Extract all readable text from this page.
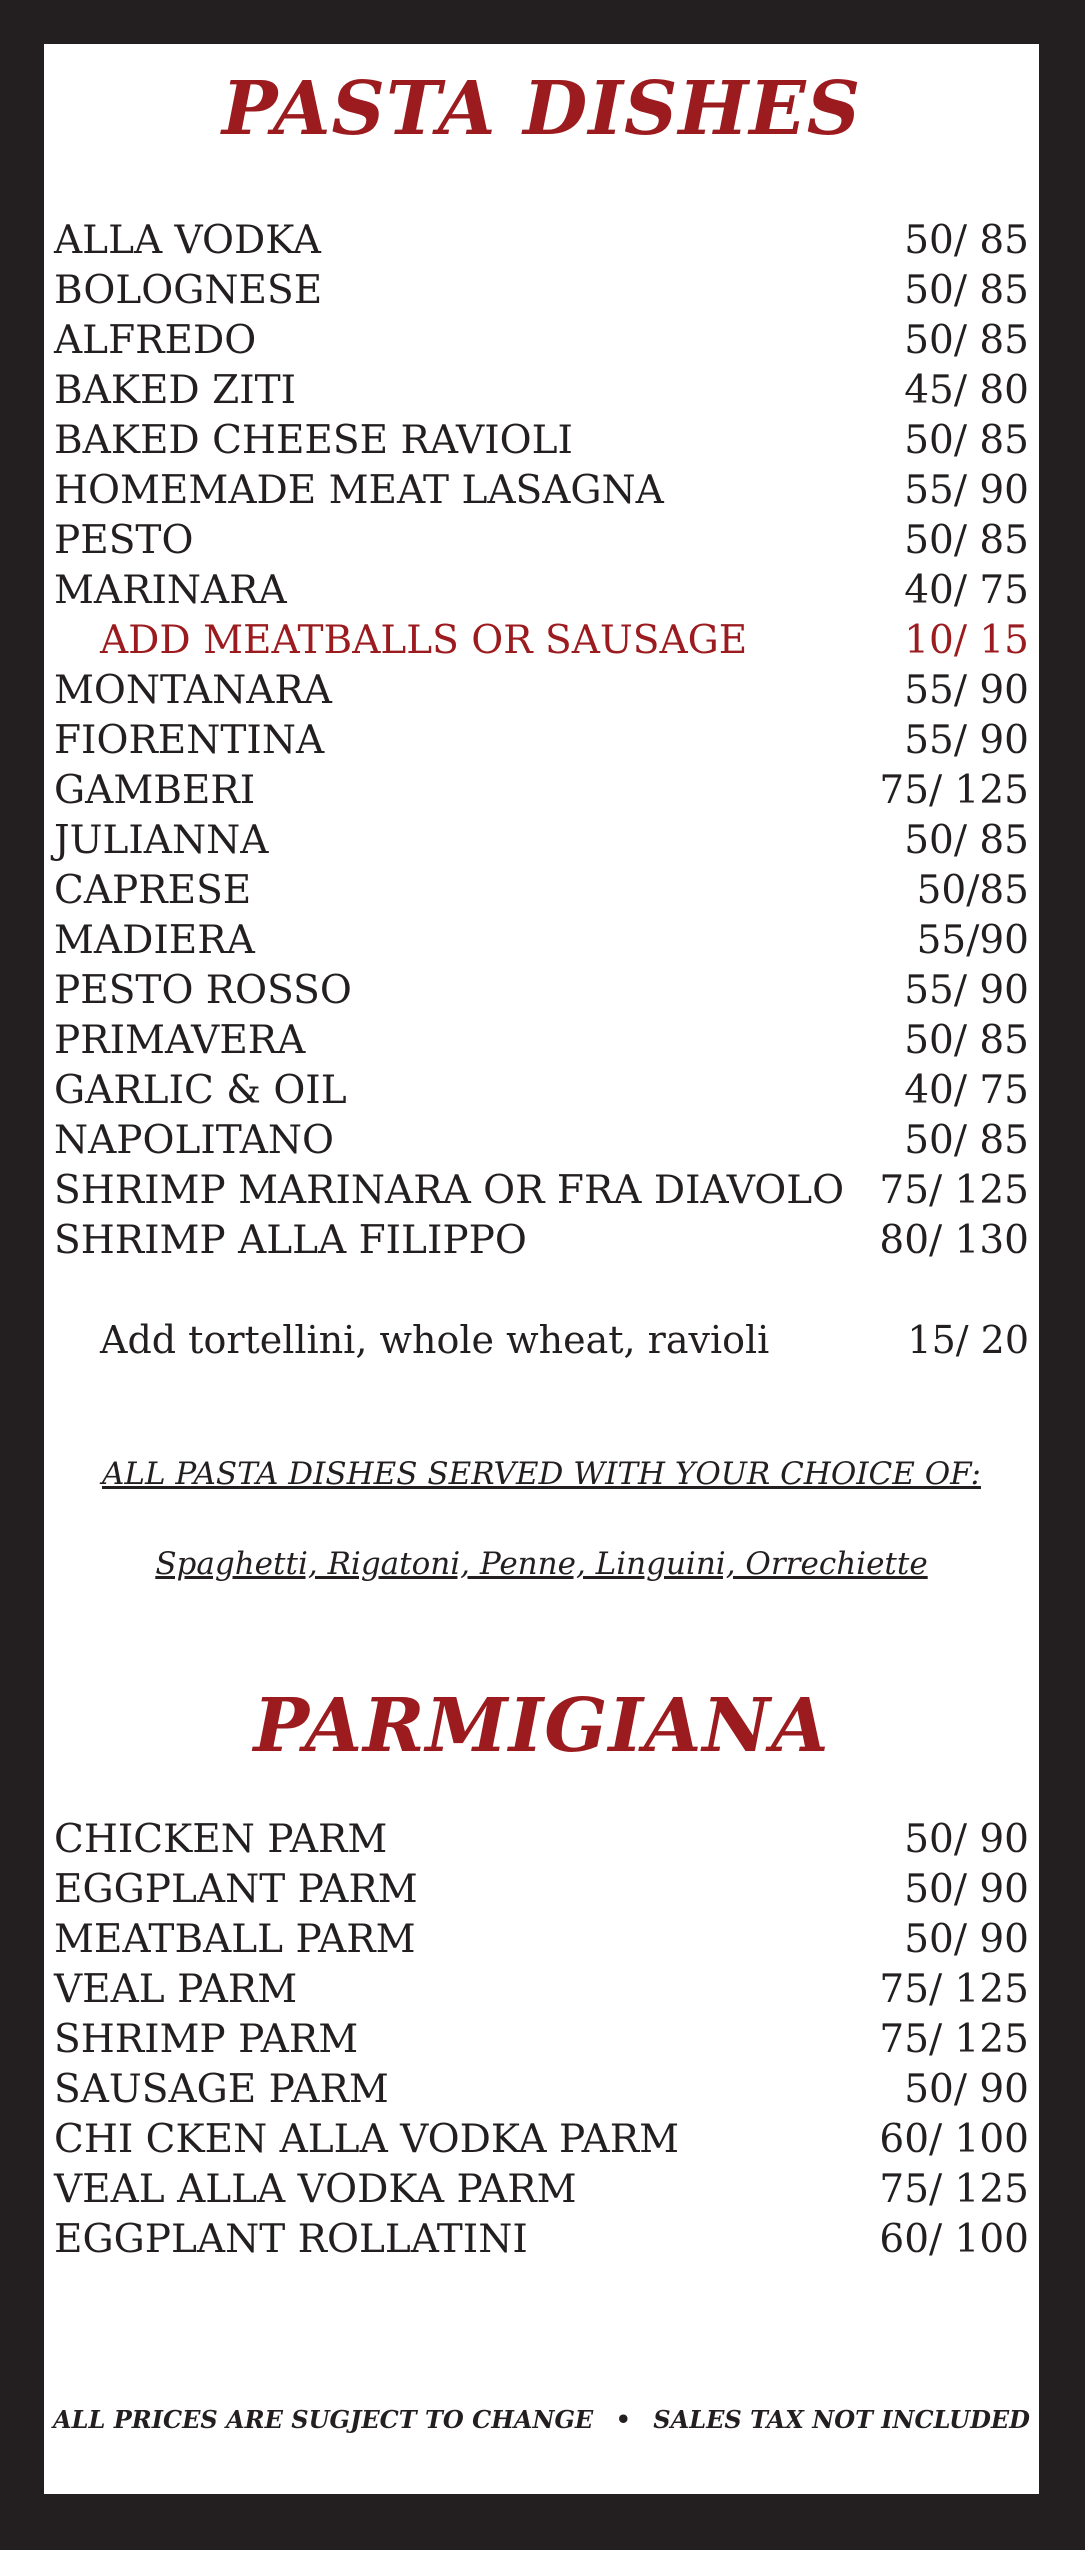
PASTA DISHES
ALLA VODKA	50/ 85
BOLOGNESE	50/ 85
ALFREDO	50/ 85
BAKED ZITI	45/ 80
BAKED CHEESE RAVIOLI	50/ 85
HOMEMADE MEAT LASAGNA	55/ 90
PESTO	50/ 85
MARINARA	40/ 75
ADD MEATBALLS OR SAUSAGE	10/ 15
MONTANARA	55/ 90
FIORENTINA	55/ 90
GAMBERI	75/ 125
JULIANNA	50/ 85
CAPRESE	50/85
MADIERA	55/90
PESTO ROSSO	55/ 90
PRIMAVERA	50/ 85
GARLIC & OIL	40/ 75
NAPOLITANO	50/ 85
SHRIMP MARINARA OR FRA DIAVOLO 75/ 125
SHRIMP ALLA FILIPPO	80/ 130
Add tortellini, whole wheat, ravioli	15/ 20
ALL PASTA DISHES SERVED WITH YOUR CHOICE OF:
Spaghetti, Rigatoni, Penne, Linguini, Orrechiette
PARMIGIANA
CHICKEN PARM	50/ 90
EGGPLANT PARM	50/ 90
MEATBALL PARM	50/ 90
VEAL PARM	75/ 125
SHRIMP PARM	75/ 125
SAUSAGE PARM	50/ 90
CHI CKEN ALLA VODKA PARM	60/ 100
VEAL ALLA VODKA PARM	75/ 125
EGGPLANT ROLLATINI	60/ 100
ALL PRICES ARE SUGJECT TO CHANGE • SALES TAX NOT INCLUDED
